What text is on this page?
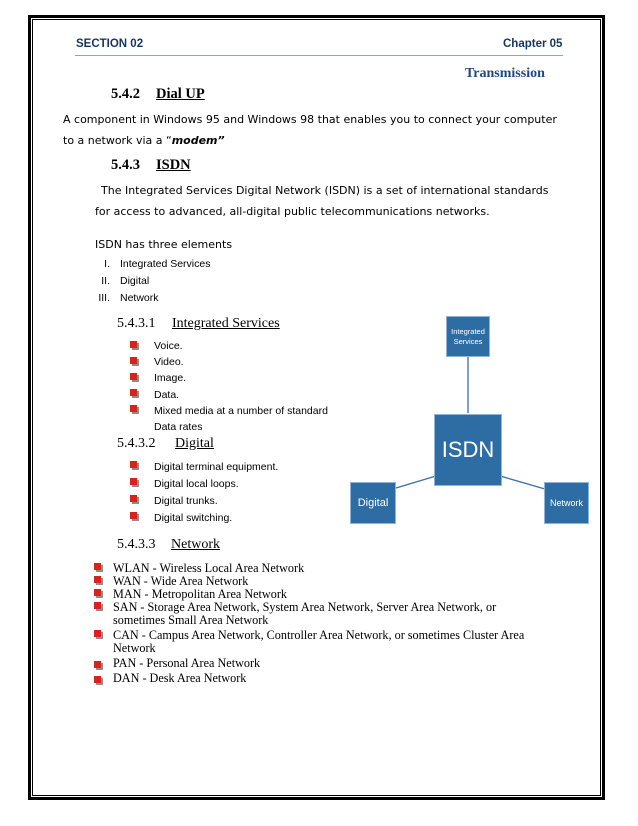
SECTION 02	Chapter 05
Transmission
5.4.2 Dial UP
A component in Windows 95 and Windows 98 that enables you to connect your computer
to a network via a “modem”
5.4.3 ISDN
The Integrated Services Digital Network (ISDN) is a set of international standards
for access to advanced, all-digital public telecommunications networks.
ISDN has three elements
I. Integrated Services
II. Digital
III. Network
5.4.3.1 Integrated Services
Voice.
Video.
Image.
Data.
Mixed media at a number of standard
Data rates
5.4.3.2 Digital
Digital terminal equipment.
Digital local loops.
Digital trunks.
Digital switching.
Integrated Services
ISDN
Digital	Network
5.4.3.3 Network
WLAN - Wireless Local Area Network
WAN - Wide Area Network
MAN - Metropolitan Area Network
SAN - Storage Area Network, System Area Network, Server Area Network, or
sometimes Small Area Network
CAN - Campus Area Network, Controller Area Network, or sometimes Cluster Area
Network
PAN - Personal Area Network
DAN - Desk Area Network
